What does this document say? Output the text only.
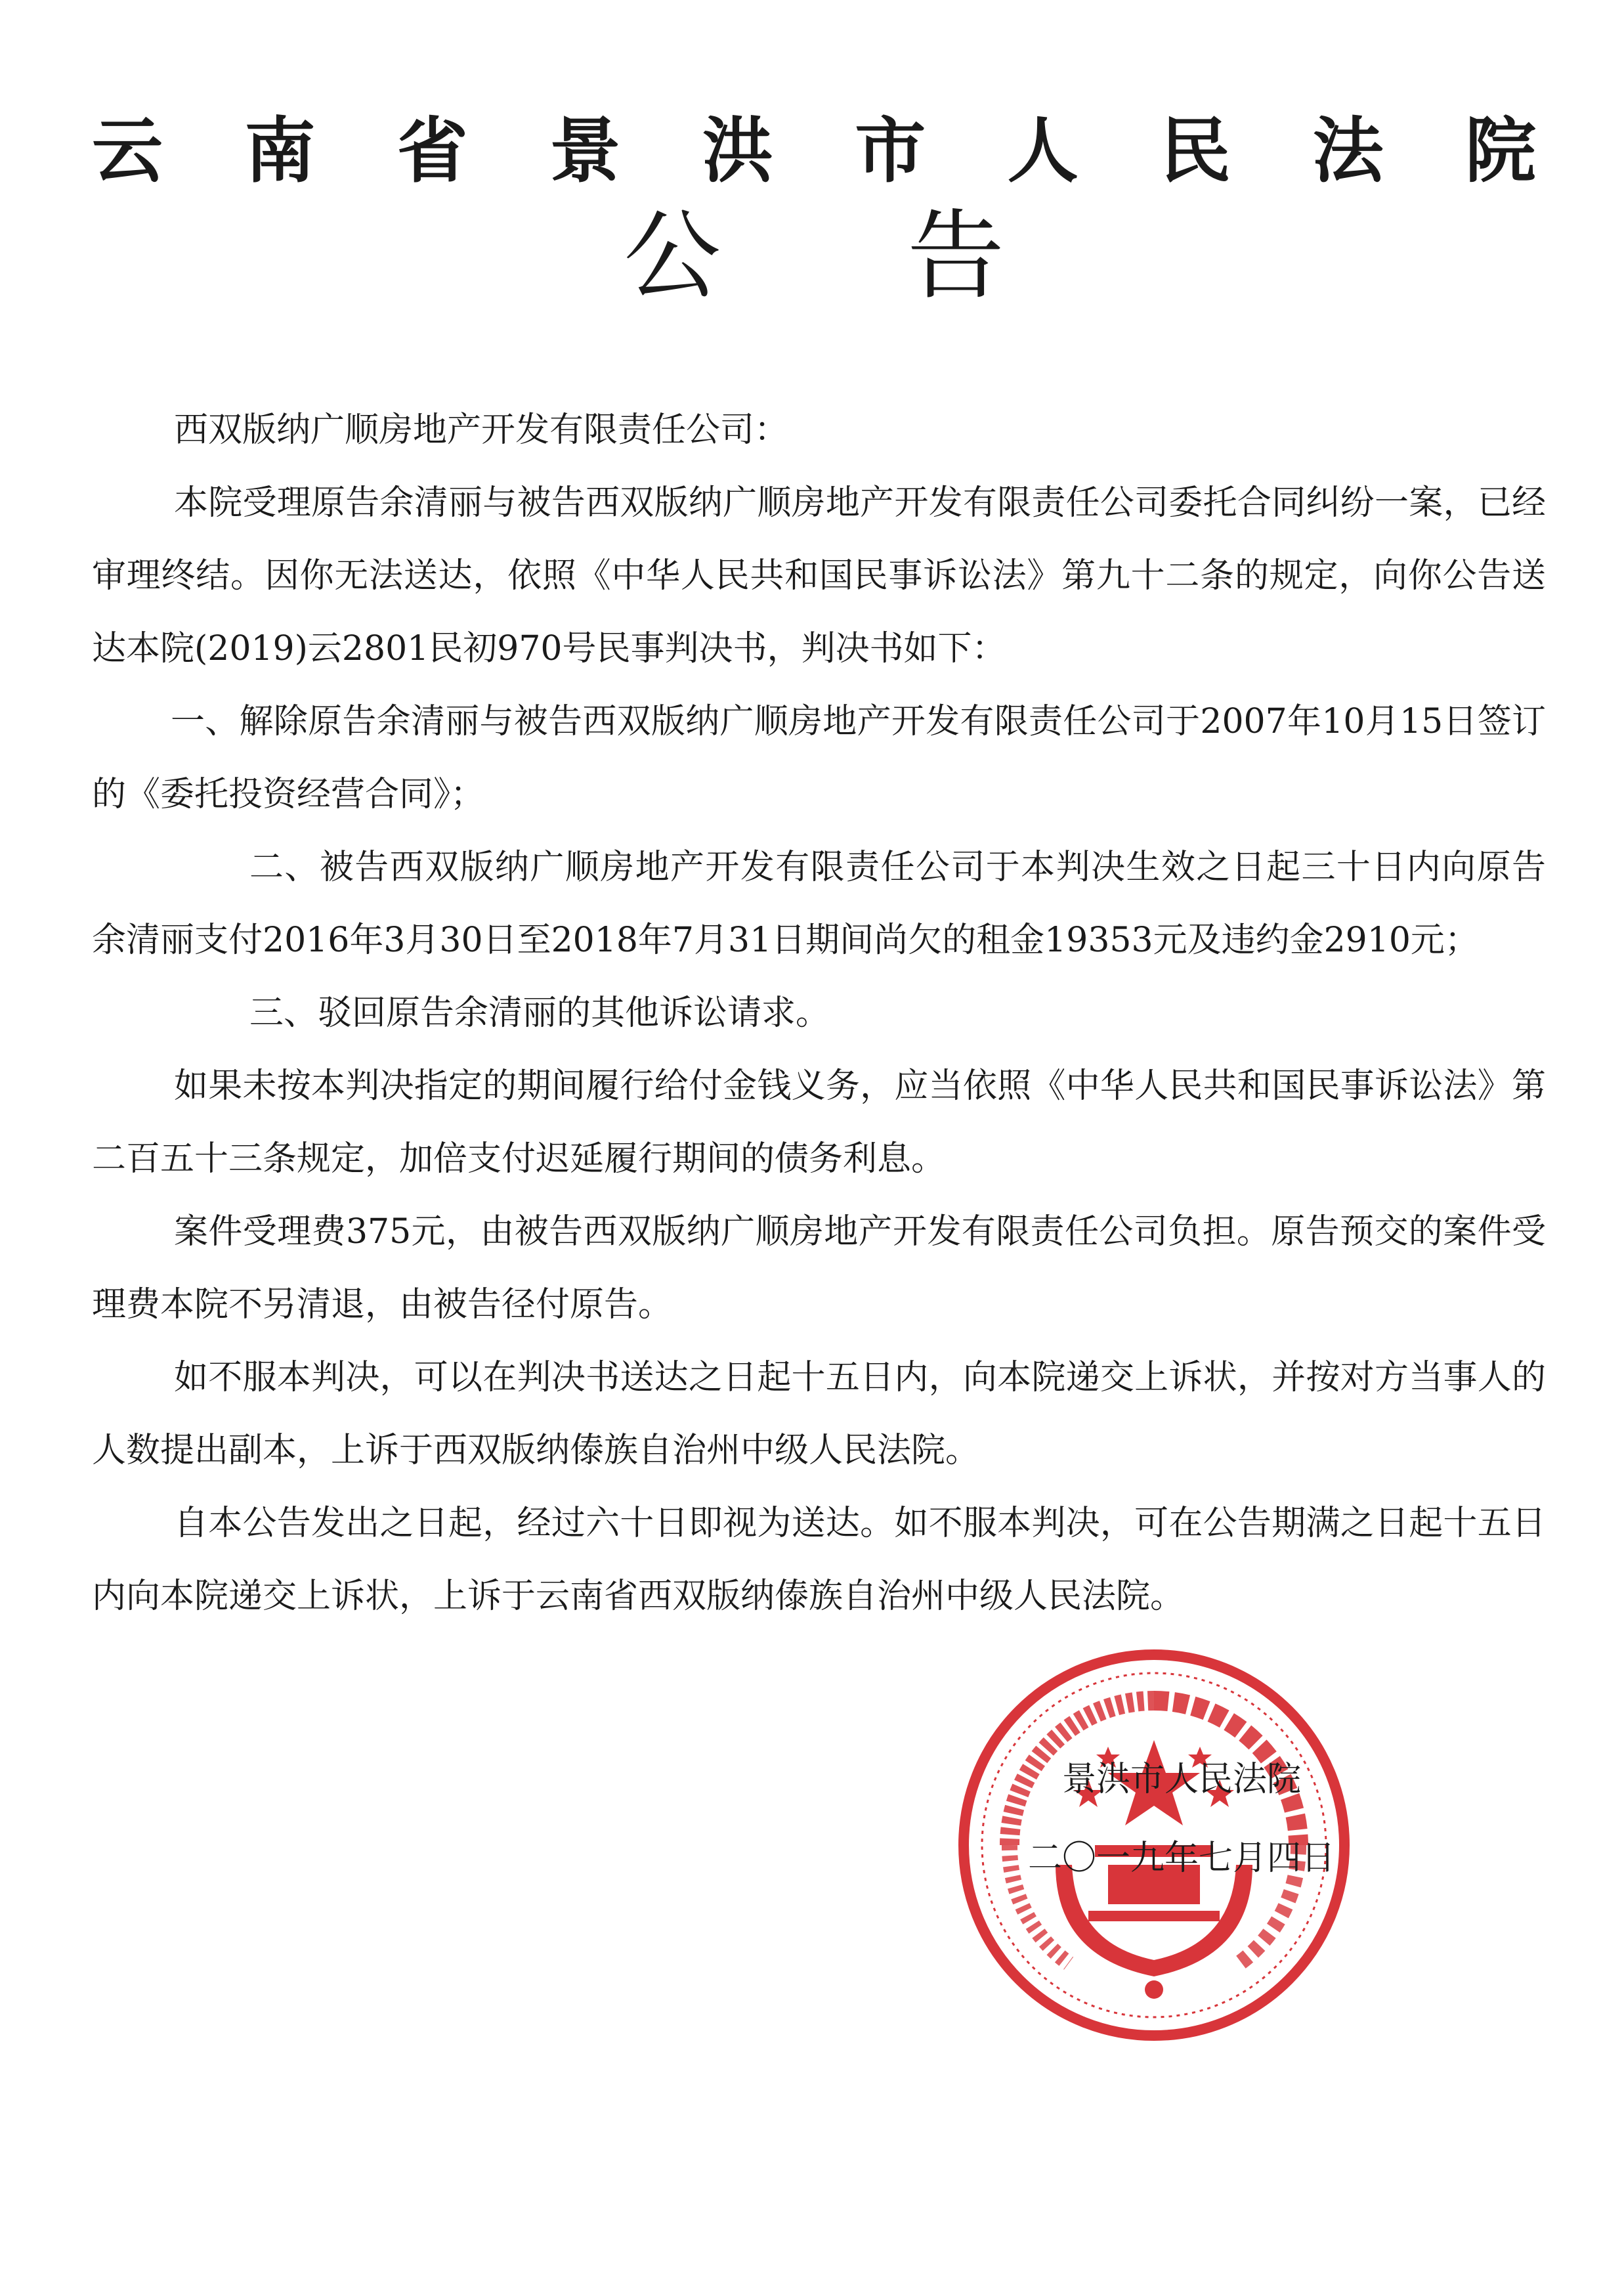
云 南 省 景 洪 市 人 民 法 院
公 告

西双版纳广顺房地产开发有限责任公司：

本院受理原告余清丽与被告西双版纳广顺房地产开发有限责任公司委托合同纠纷一案，已经审理终结。因你无法送达，依照《中华人民共和国民事诉讼法》第九十二条的规定，向你公告送达本院(2019)云2801民初970号民事判决书，判决书如下：

一、解除原告余清丽与被告西双版纳广顺房地产开发有限责任公司于2007年10月15日签订的《委托投资经营合同》；

二、被告西双版纳广顺房地产开发有限责任公司于本判决生效之日起三十日内向原告余清丽支付2016年3月30日至2018年7月31日期间尚欠的租金19353元及违约金2910元；

三、驳回原告余清丽的其他诉讼请求。

如果未按本判决指定的期间履行给付金钱义务，应当依照《中华人民共和国民事诉讼法》第二百五十三条规定，加倍支付迟延履行期间的债务利息。

案件受理费375元，由被告西双版纳广顺房地产开发有限责任公司负担。原告预交的案件受理费本院不另清退，由被告径付原告。

如不服本判决，可以在判决书送达之日起十五日内，向本院递交上诉状，并按对方当事人的人数提出副本，上诉于西双版纳傣族自治州中级人民法院。

自本公告发出之日起，经过六十日即视为送达。如不服本判决，可在公告期满之日起十五日内向本院递交上诉状，上诉于云南省西双版纳傣族自治州中级人民法院。

景洪市人民法院
二〇一九年七月四日
